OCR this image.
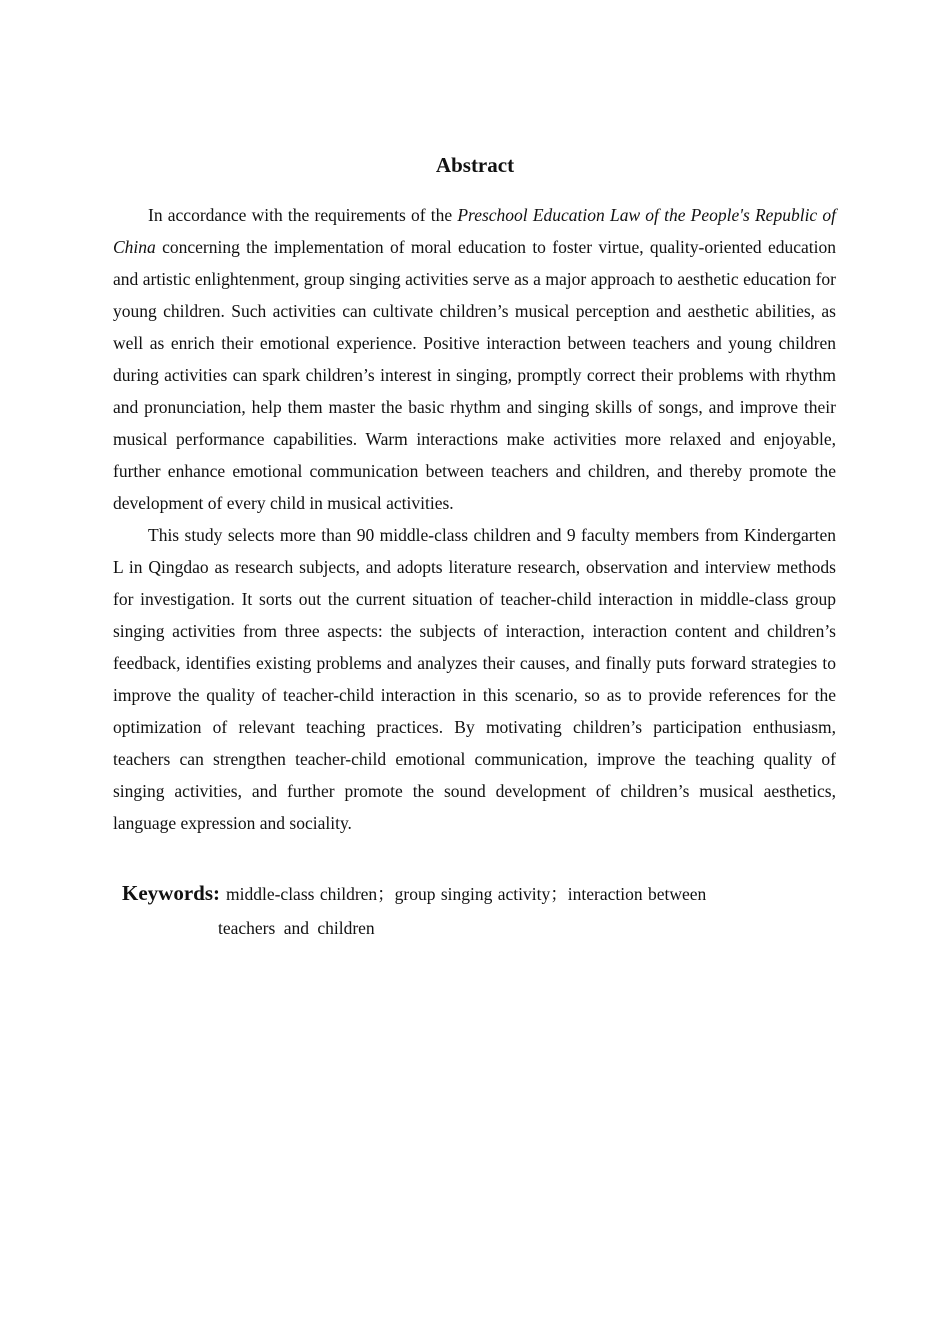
Abstract

In accordance with the requirements of the Preschool Education Law of the People's Republic of China concerning the implementation of moral education to foster virtue, quality-oriented education and artistic enlightenment, group singing activities serve as a major approach to aesthetic education for young children. Such activities can cultivate children’s musical perception and aesthetic abilities, as well as enrich their emotional experience. Positive interaction between teachers and young children during activities can spark children’s interest in singing, promptly correct their problems with rhythm and pronunciation, help them master the basic rhythm and singing skills of songs, and improve their musical performance capabilities. Warm interactions make activities more relaxed and enjoyable, further enhance emotional communication between teachers and children, and thereby promote the development of every child in musical activities.

This study selects more than 90 middle-class children and 9 faculty members from Kindergarten L in Qingdao as research subjects, and adopts literature research, observation and interview methods for investigation. It sorts out the current situation of teacher-child interaction in middle-class group singing activities from three aspects: the subjects of interaction, interaction content and children’s feedback, identifies existing problems and analyzes their causes, and finally puts forward strategies to improve the quality of teacher-child interaction in this scenario, so as to provide references for the optimization of relevant teaching practices. By motivating children’s participation enthusiasm, teachers can strengthen teacher-child emotional communication, improve the teaching quality of singing activities, and further promote the sound development of children’s musical aesthetics, language expression and sociality.

Keywords: middle-class children；group singing activity；interaction between
teachers and children
